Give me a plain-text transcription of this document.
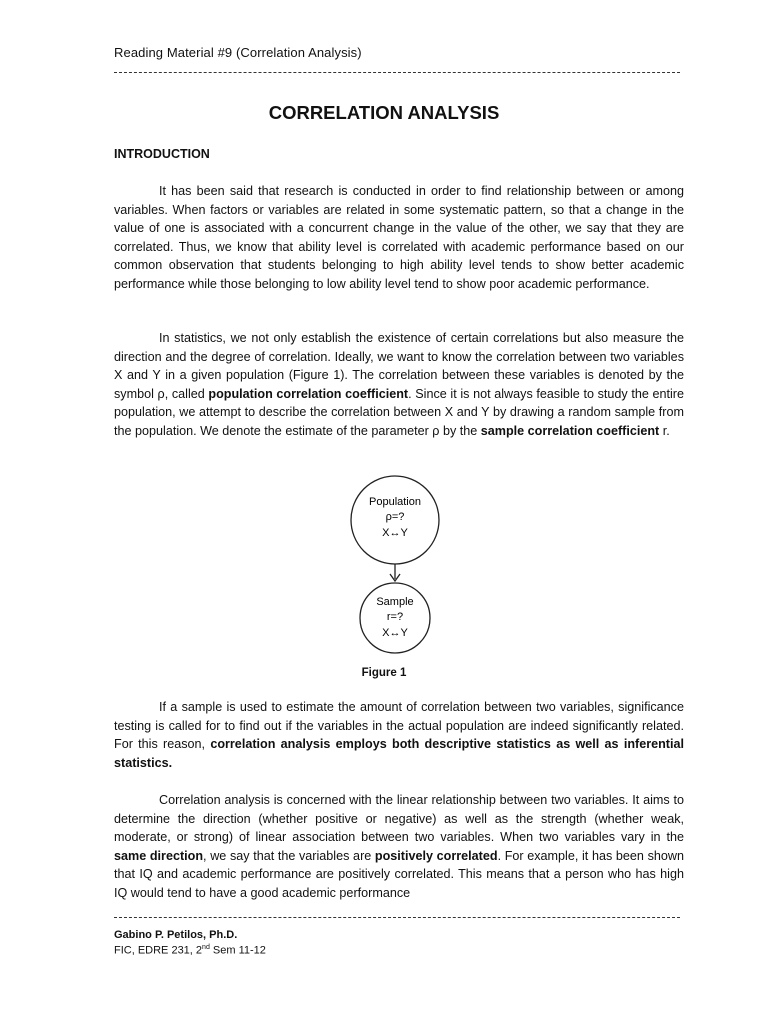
Reading Material #9 (Correlation Analysis)
CORRELATION ANALYSIS
INTRODUCTION

It has been said that research is conducted in order to find relationship between or among variables. When factors or variables are related in some systematic pattern, so that a change in the value of one is associated with a concurrent change in the value of the other, we say that they are correlated. Thus, we know that ability level is correlated with academic performance based on our common observation that students belonging to high ability level tends to show better academic performance while those belonging to low ability level tend to show poor academic performance.

In statistics, we not only establish the existence of certain correlations but also measure the direction and the degree of correlation. Ideally, we want to know the correlation between two variables X and Y in a given population (Figure 1). The correlation between these variables is denoted by the symbol ρ, called population correlation coefficient. Since it is not always feasible to study the entire population, we attempt to describe the correlation between X and Y by drawing a random sample from the population. We denote the estimate of the parameter ρ by the sample correlation coefficient r.

Population
ρ=?
X↔Y
Sample
r=?
X↔Y
Figure 1

If a sample is used to estimate the amount of correlation between two variables, significance testing is called for to find out if the variables in the actual population are indeed significantly related. For this reason, correlation analysis employs both descriptive statistics as well as inferential statistics.

Correlation analysis is concerned with the linear relationship between two variables. It aims to determine the direction (whether positive or negative) as well as the strength (whether weak, moderate, or strong) of linear association between two variables. When two variables vary in the same direction, we say that the variables are positively correlated. For example, it has been shown that IQ and academic performance are positively correlated. This means that a person who has high IQ would tend to have a good academic performance

Gabino P. Petilos, Ph.D.
FIC, EDRE 231, 2nd Sem 11-12
